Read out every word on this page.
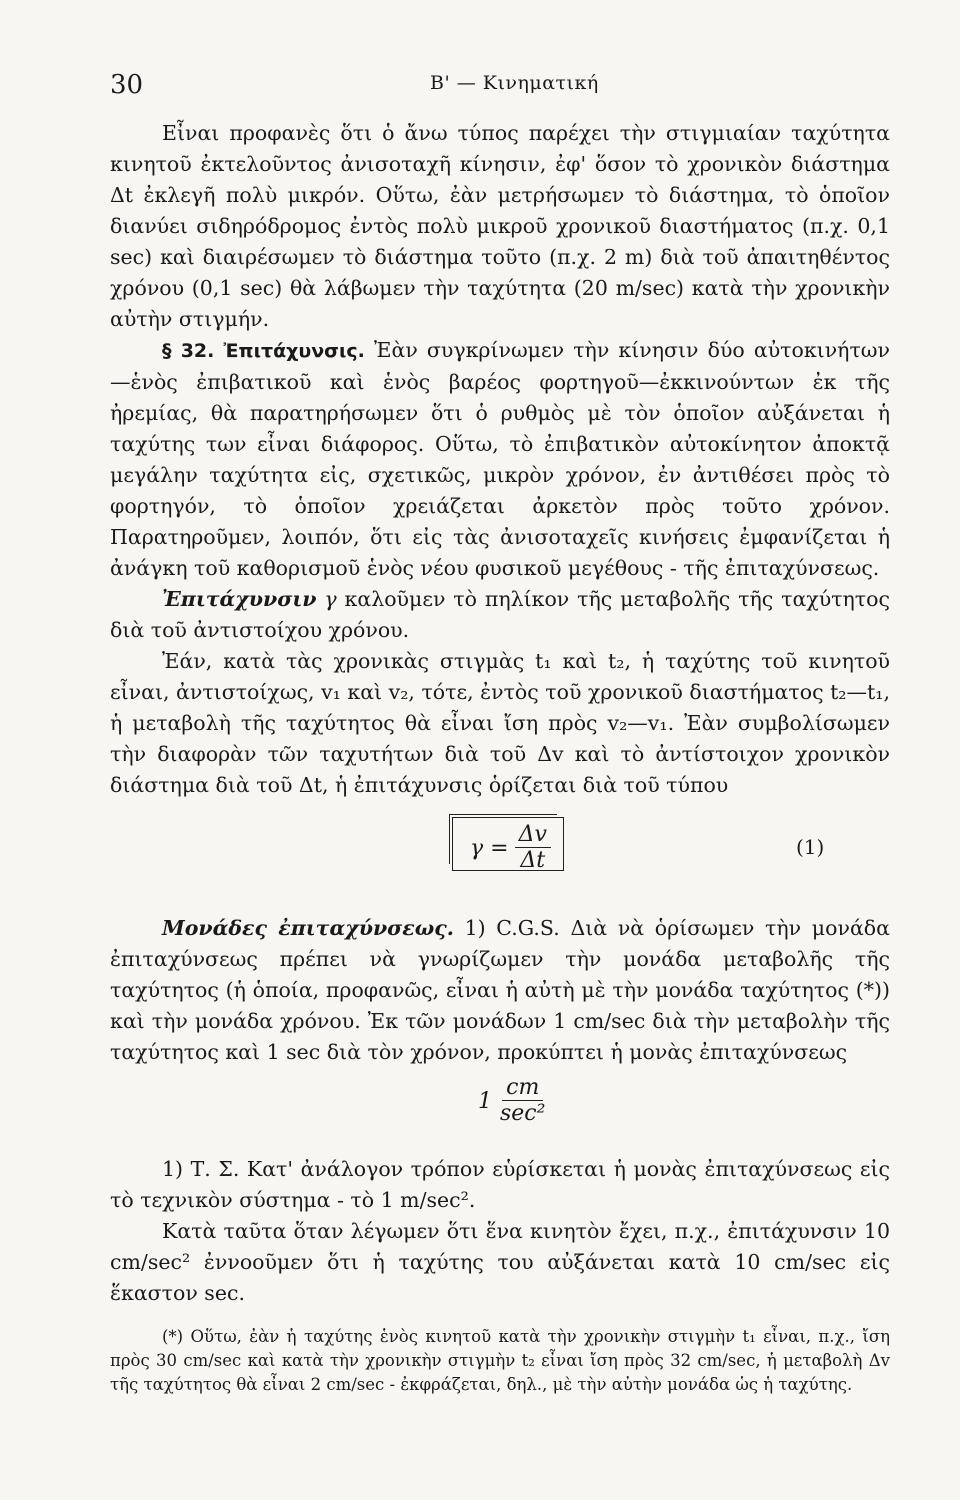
30	B' — Κινηματική

Εἶναι προφανὲς ὅτι ὁ ἄνω τύπος παρέχει τὴν στιγμιαίαν ταχύτητα κινητοῦ ἐκτελοῦντος ἀνισοταχῆ κίνησιν, ἐφ' ὅσον τὸ χρονικὸν διάστημα Δt ἐκλεγῆ πολὺ μικρόν. Οὕτω, ἐὰν μετρήσωμεν τὸ διάστημα, τὸ ὁποῖον διανύει σιδηρόδρομος ἐντὸς πολὺ μικροῦ χρονικοῦ διαστήματος (π.χ. 0,1 sec) καὶ διαιρέσωμεν τὸ διάστημα τοῦτο (π.χ. 2 m) διὰ τοῦ ἀπαιτηθέντος χρόνου (0,1 sec) θὰ λάβωμεν τὴν ταχύτητα (20 m/sec) κατὰ τὴν χρονικὴν αὐτὴν στιγμήν.

§ 32. Ἐπιτάχυνσις. Ἐὰν συγκρίνωμεν τὴν κίνησιν δύο αὐτοκινήτων —ἑνὸς ἐπιβατικοῦ καὶ ἑνὸς βαρέος φορτηγοῦ—ἐκκινούντων ἐκ τῆς ἠρεμίας, θὰ παρατηρήσωμεν ὅτι ὁ ρυθμὸς μὲ τὸν ὁποῖον αὐξάνεται ἡ ταχύτης των εἶναι διάφορος. Οὕτω, τὸ ἐπιβατικὸν αὐτοκίνητον ἀποκτᾷ μεγάλην ταχύτητα εἰς, σχετικῶς, μικρὸν χρόνον, ἐν ἀντιθέσει πρὸς τὸ φορτηγόν, τὸ ὁποῖον χρειάζεται ἀρκετὸν πρὸς τοῦτο χρόνον. Παρατηροῦμεν, λοιπόν, ὅτι εἰς τὰς ἀνισοταχεῖς κινήσεις ἐμφανίζεται ἡ ἀνάγκη τοῦ καθορισμοῦ ἑνὸς νέου φυσικοῦ μεγέθους - τῆς ἐπιταχύνσεως.

Ἐπιτάχυνσιν γ καλοῦμεν τὸ πηλίκον τῆς μεταβολῆς τῆς ταχύτητος διὰ τοῦ ἀντιστοίχου χρόνου.

Ἐάν, κατὰ τὰς χρονικὰς στιγμὰς t₁ καὶ t₂, ἡ ταχύτης τοῦ κινητοῦ εἶναι, ἀντιστοίχως, v₁ καὶ v₂, τότε, ἐντὸς τοῦ χρονικοῦ διαστήματος t₂—t₁, ἡ μεταβολὴ τῆς ταχύτητος θὰ εἶναι ἴση πρὸς v₂—v₁. Ἐὰν συμβολίσωμεν τὴν διαφορὰν τῶν ταχυτήτων διὰ τοῦ Δv καὶ τὸ ἀντίστοιχον χρονικὸν διάστημα διὰ τοῦ Δt, ἡ ἐπιτάχυνσις ὁρίζεται διὰ τοῦ τύπου

$\gamma = \frac{\Delta v}{\Delta t}$	(1)

Μονάδες ἐπιταχύνσεως. 1) C.G.S. Διὰ νὰ ὁρίσωμεν τὴν μονάδα ἐπιταχύνσεως πρέπει νὰ γνωρίζωμεν τὴν μονάδα μεταβολῆς τῆς ταχύτητος (ἡ ὁποία, προφανῶς, εἶναι ἡ αὐτὴ μὲ τὴν μονάδα ταχύτητος (*)) καὶ τὴν μονάδα χρόνου. Ἐκ τῶν μονάδων 1 cm/sec διὰ τὴν μεταβολὴν τῆς ταχύτητος καὶ 1 sec διὰ τὸν χρόνον, προκύπτει ἡ μονὰς ἐπιταχύνσεως

$1 \frac{cm}{\text{sec²}}$

1) Τ. Σ. Κατ' ἀνάλογον τρόπον εὑρίσκεται ἡ μονὰς ἐπιταχύνσεως εἰς τὸ τεχνικὸν σύστημα - τὸ 1 m/sec².

Κατὰ ταῦτα ὅταν λέγωμεν ὅτι ἕνα κινητὸν ἔχει, π.χ., ἐπιτάχυνσιν 10 cm/sec² ἐννοοῦμεν ὅτι ἡ ταχύτης του αὐξάνεται κατὰ 10 cm/sec εἰς ἕκαστον sec.

(*) Οὕτω, ἐὰν ἡ ταχύτης ἑνὸς κινητοῦ κατὰ τὴν χρονικὴν στιγμὴν t₁ εἶναι, π.χ., ἴση πρὸς 30 cm/sec καὶ κατὰ τὴν χρονικὴν στιγμὴν t₂ εἶναι ἴση πρὸς 32 cm/sec, ἡ μεταβολὴ Δv τῆς ταχύτητος θὰ εἶναι 2 cm/sec - ἐκφράζεται, δηλ., μὲ τὴν αὐτὴν μονάδα ὡς ἡ ταχύτης.
